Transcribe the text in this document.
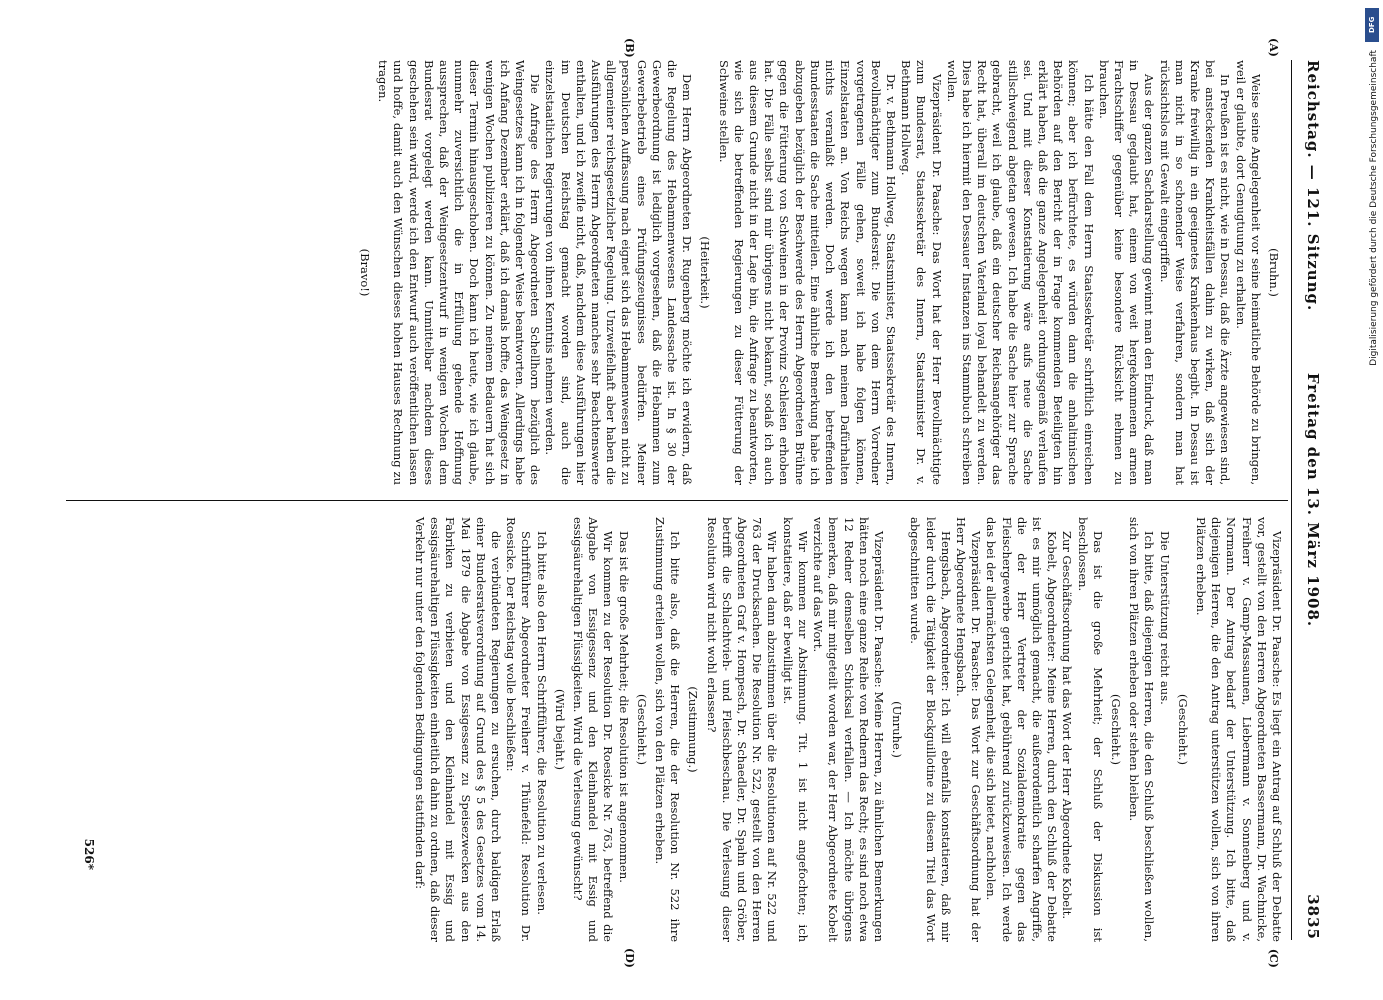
Reichstag. — 121. Sitzung.
Freitag den 13. März 1908.
3835
(A)
(B)
(C)
(D)

(Bruhn.)

Weise seine Angelegenheit vor seine heimatliche Behörde zu bringen, weil er glaubte, dort Genugtuung zu erhalten.

In Preußen ist es nicht, wie in Dessau, daß die Ärzte angewiesen sind, bei ansteckenden Krankheitsfällen dahin zu wirken, daß sich der Kranke freiwillig in ein geeignetes Krankenhaus begibt. In Dessau ist man nicht in so schonender Weise verfahren, sondern man hat rücksichtslos mit Gewalt eingegriffen.

Aus der ganzen Sachdarstellung gewinnt man den Eindruck, daß man in Dessau geglaubt hat, einem von weit hergekommenen armen Frachtschiffer gegenüber keine besondere Rücksicht nehmen zu brauchen.

Ich hätte den Fall dem Herrn Staatssekretär schriftlich einreichen können; aber ich befürchtete, es würden dann die anhaltinischen Behörden auf den Bericht der in Frage kommenden Beteiligten hin erklärt haben, daß die ganze Angelegenheit ordnungsgemäß verlaufen sei. Und mit dieser Konstatierung wäre aufs neue die Sache stillschweigend abgetan gewesen. Ich habe die Sache hier zur Sprache gebracht, weil ich glaube, daß ein deutscher Reichsangehöriger das Recht hat, überall im deutschen Vaterland loyal behandelt zu werden. Dies habe ich hiermit den Dessauer Instanzen ins Stammbuch schreiben wollen.

Vizepräsident Dr. Paasche: Das Wort hat der Herr Bevollmächtigte zum Bundesrat, Staatssekretär des Innern, Staatsminister Dr. v. Bethmann Hollweg.

Dr. v. Bethmann Hollweg, Staatsminister, Staatssekretär des Innern, Bevollmächtigter zum Bundesrat: Die von dem Herrn Vorredner vorgetragenen Fälle gehen, soweit ich habe folgen können, Einzelstaaten an. Von Reichs wegen kann nach meinen Dafürhalten nichts veranlaßt werden. Doch werde ich den betreffenden Bundesstaaten die Sache mitteilen. Eine ähnliche Bemerkung habe ich abzugeben bezüglich der Beschwerde des Herrn Abgeordneten Brühne gegen die Fütterung von Schweinen in der Provinz Schlesien erhoben hat. Die Fälle selbst sind mir übrigens nicht bekannt, sodaß ich auch aus diesem Grunde nicht in der Lage bin, die Anfrage zu beantworten, wie sich die betreffenden Regierungen zu dieser Fütterung der Schweine stellen.

(Heiterkeit.)

Dem Herrn Abgeordneten Dr. Rugenberg möchte ich erwidern, daß die Regelung des Hebammenwesens Landessache ist. In § 30 der Gewerbeordnung ist lediglich vorgesehen, daß die Hebammen zum Gewerbebetrieb eines Prüfungszeugnisses bedürfen. Meiner persönlichen Auffassung nach eignet sich das Hebammenwesen nicht zu allgemeiner reichsgesetzlicher Regelung. Unzweifelhaft aber haben die Ausführungen des Herrn Abgeordneten manches sehr Beachtenswerte enthalten, und ich zweifle nicht, daß, nachdem diese Ausführungen hier im Deutschen Reichstag gemacht worden sind, auch die einzelstaatlichen Regierungen von ihnen Kenntnis nehmen werden.

Die Anfrage des Herrn Abgeordneten Schellhorn bezüglich des Weingesetzes kann ich in folgender Weise beantworten. Allerdings habe ich Anfang Dezember erklärt, daß ich damals hoffte, das Weingesetz in wenigen Wochen publizieren zu können. Zu meinem Bedauern hat sich dieser Termin hinausgeschoben. Doch kann ich heute, wie ich glaube, nunmehr zuversichtlich die in Erfüllung gehende Hoffnung aussprechen, daß der Weingesetzentwurf in wenigen Wochen dem Bundesrat vorgelegt werden kann. Unmittelbar nachdem dieses geschehen sein wird, werde ich den Entwurf auch veröffentlichen lassen und hoffe, damit auch den Wünschen dieses hohen Hauses Rechnung zu tragen.

(Bravo!)

Vizepräsident Dr. Paasche: Es liegt ein Antrag auf Schluß der Debatte vor, gestellt von den Herren Abgeordneten Bassermann, Dr. Wachnicke, Freiherr v. Gamp-Massaunen, Liebermann v. Sonnenberg und v. Normann. Der Antrag bedarf der Unterstützung. Ich bitte, daß diejenigen Herren, die den Antrag unterstützen wollen, sich von ihren Plätzen erheben.

(Geschieht.)

Die Unterstützung reicht aus.

Ich bitte, daß diejenigen Herren, die den Schluß beschließen wollen, sich von ihren Plätzen erheben oder stehen bleiben.

(Geschieht.)

Das ist die große Mehrheit; der Schluß der Diskussion ist beschlossen.

Zur Geschäftsordnung hat das Wort der Herr Abgeordnete Kobelt.

Kobelt, Abgeordneter: Meine Herren, durch den Schluß der Debatte ist es mir unmöglich gemacht, die außerordentlich scharfen Angriffe, die der Herr Vertreter der Sozialdemokratie gegen das Fleischergewerbe gerichtet hat, gebührend zurückzuweisen. Ich werde das bei der allernächsten Gelegenheit, die sich bietet, nachholen.

Vizepräsident Dr. Paasche: Das Wort zur Geschäftsordnung hat der Herr Abgeordnete Hengsbach.

Hengsbach, Abgeordneter: Ich will ebenfalls konstatieren, daß mir leider durch die Tätigkeit der Blockguillotine zu diesem Titel das Wort abgeschnitten wurde.

(Unruhe.)

Vizepräsident Dr. Paasche: Meine Herren, zu ähnlichen Bemerkungen hätten noch eine ganze Reihe von Rednern das Recht; es sind noch etwa 12 Redner demselben Schicksal verfallen. — Ich möchte übrigens bemerken, daß mir mitgeteilt worden war, der Herr Abgeordnete Kobelt verzichte auf das Wort.

Wir kommen zur Abstimmung. Tit. 1 ist nicht angefochten; ich konstatiere, daß er bewilligt ist.

Wir haben dann abzustimmen über die Resolutionen auf Nr. 522 und 763 der Drucksachen. Die Resolution Nr. 522, gestellt von den Herren Abgeordneten Graf v. Hompesch, Dr. Schaedler, Dr. Spahn und Gröber, betrifft die Schlachtvieh- und Fleischbeschau. Die Verlesung dieser Resolution wird nicht wohl erlassen?

(Zustimmung.)

Ich bitte also, daß die Herren, die der Resolution Nr. 522 ihre Zustimmung erteilen wollen, sich von den Plätzen erheben.

(Geschieht.)

Das ist die große Mehrheit; die Resolution ist angenommen.

Wir kommen zu der Resolution Dr. Roesicke Nr. 763, betreffend die Abgabe von Essigessenz und den Kleinhandel mit Essig und essigsäurehaltigen Flüssigkeiten. Wird die Verlesung gewünscht?

(Wird bejaht.)

Ich bitte also den Herrn Schriftführer, die Resolution zu verlesen.

Schriftführer Abgeordneter Freiherr v. Thünefeld: Resolution Dr. Roesicke. Der Reichstag wolle beschließen:

die verbündeten Regierungen zu ersuchen, durch baldigen Erlaß einer Bundesratsverordnung auf Grund des § 5 des Gesetzes vom 14. Mai 1879 die Abgabe von Essigessenz zu Speisezwecken aus den Fabriken zu verbieten und den Kleinhandel mit Essig und essigsäurehaltigen Flüssigkeiten einheitlich dahin zu ordnen, daß dieser Verkehr nur unter den folgenden Bedingungen stattfinden darf:

526*
DFG
Digitalisierung gefördert durch die Deutsche Forschungsgemeinschaft
